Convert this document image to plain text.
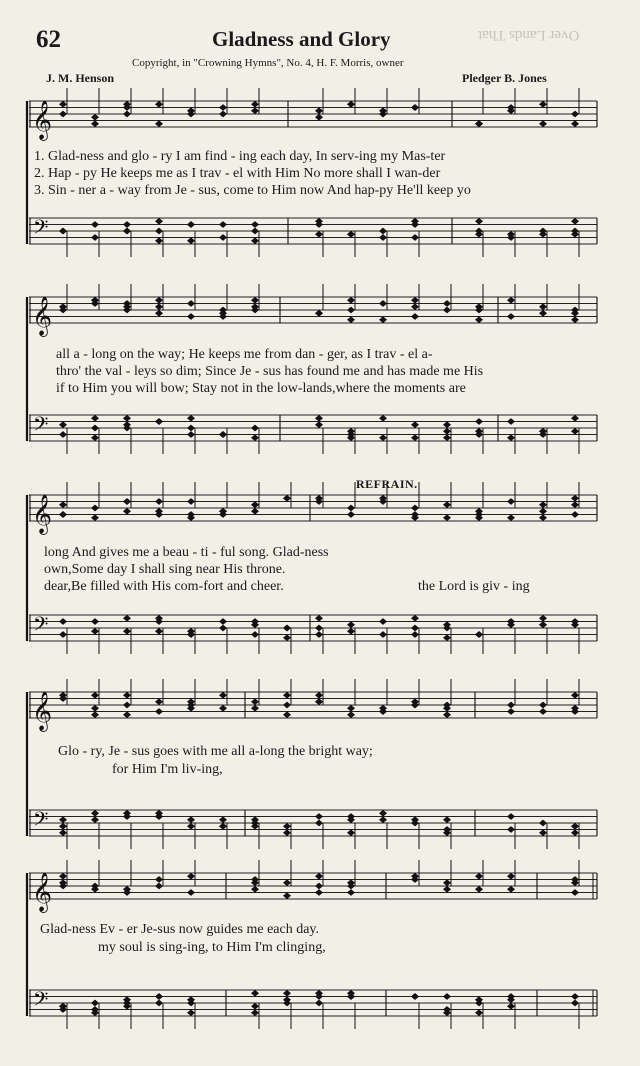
62	Gladness and Glory
Copyright, in "Crowning Hymns", No. 4, H. F. Morris, owner
J. M. Henson	Pledger B. Jones
REFRAIN.
Over Lands That
𝄞
𝄢
𝄞
𝄢
𝄞
𝄢
𝄞
𝄢
𝄞
𝄢
1. Glad-ness and glo - ry I am find - ing each day, In serv-ing my Mas-ter
2. Hap - py He keeps me as I trav - el with Him No more shall I wan-der
3. Sin - ner a - way from Je - sus, come to Him now And hap-py He'll keep yo
all a - long on the way; He keeps me from dan - ger, as I trav - el a-
thro' the val - leys so dim; Since Je - sus has found me and has made me His
if to Him you will bow; Stay not in the low-lands,where the moments are
long And gives me a beau - ti - ful song. Glad-ness
own,Some day I shall sing near His throne.
dear,Be filled with His com-fort and cheer.	the Lord is giv - ing
Glo - ry, Je - sus goes with me all a-long the bright way;
for Him I'm liv-ing,
Glad-ness Ev - er Je-sus now guides me each day.
my soul is sing-ing, to Him I'm clinging,
